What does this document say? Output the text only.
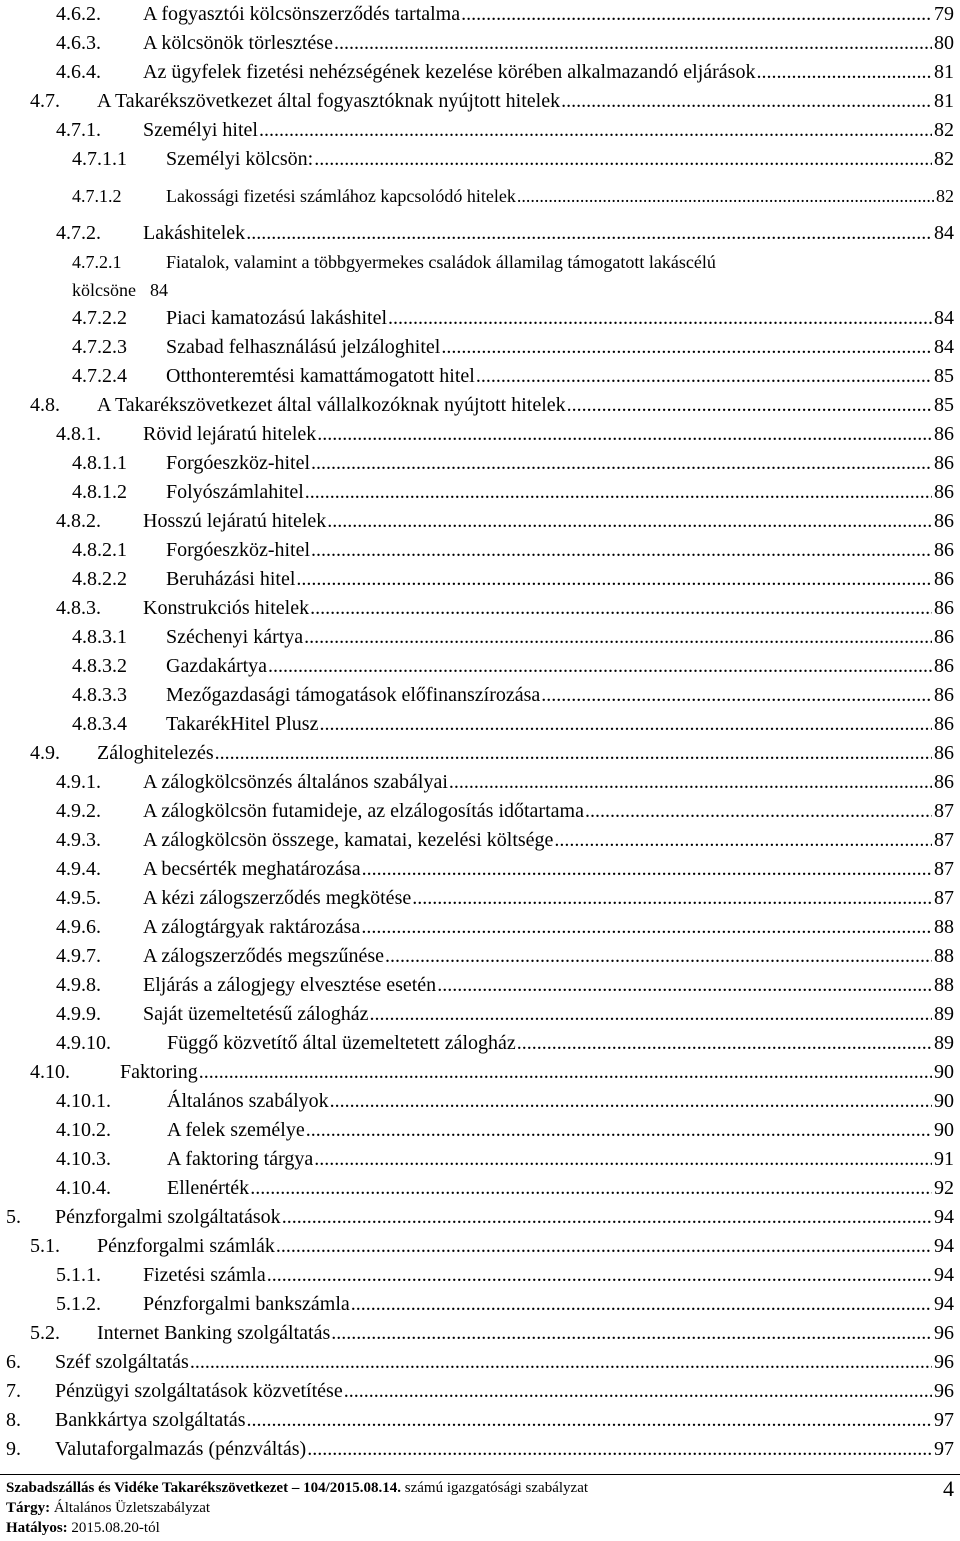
4.6.2. A fogyasztói kölcsönszerződés tartalma .....	79
4.6.3. A kölcsönök törlesztése .....	80
4.6.4. Az ügyfelek fizetési nehézségének kezelése körében alkalmazandó eljárások .....	81
4.7. A Takarékszövetkezet által fogyasztóknak nyújtott hitelek .....	81
4.7.1. Személyi hitel .....	82
4.7.1.1 Személyi kölcsön: .....	82
4.7.1.2 Lakossági fizetési számlához kapcsolódó hitelek .....	82
4.7.2. Lakáshitelek .....	84
4.7.2.1 Fiatalok, valamint a többgyermekes családok államilag támogatott lakáscélú
kölcsöne 84
4.7.2.2 Piaci kamatozású lakáshitel .....	84
4.7.2.3 Szabad felhasználású jelzáloghitel .....	84
4.7.2.4 Otthonteremtési kamattámogatott hitel .....	85
4.8. A Takarékszövetkezet által vállalkozóknak nyújtott hitelek .....	85
4.8.1. Rövid lejáratú hitelek .....	86
4.8.1.1 Forgóeszköz-hitel .....	86
4.8.1.2 Folyószámlahitel .....	86
4.8.2. Hosszú lejáratú hitelek .....	86
4.8.2.1 Forgóeszköz-hitel .....	86
4.8.2.2 Beruházási hitel .....	86
4.8.3. Konstrukciós hitelek .....	86
4.8.3.1 Széchenyi kártya .....	86
4.8.3.2 Gazdakártya .....	86
4.8.3.3 Mezőgazdasági támogatások előfinanszírozása .....	86
4.8.3.4 TakarékHitel Plusz .....	86
4.9. Záloghitelezés .....	86
4.9.1. A zálogkölcsönzés általános szabályai .....	86
4.9.2. A zálogkölcsön futamideje, az elzálogosítás időtartama .....	87
4.9.3. A zálogkölcsön összege, kamatai, kezelési költsége .....	87
4.9.4. A becsérték meghatározása .....	87
4.9.5. A kézi zálogszerződés megkötése .....	87
4.9.6. A zálogtárgyak raktározása .....	88
4.9.7. A zálogszerződés megszűnése .....	88
4.9.8. Eljárás a zálogjegy elvesztése esetén .....	88
4.9.9. Saját üzemeltetésű zálogház .....	89
4.9.10.	Függő közvetítő által üzemeltetett zálogház .....	89
4.10.	Faktoring .....	90
4.10.1.	Általános szabályok .....	90
4.10.2.	A felek személye .....	90
4.10.3.	A faktoring tárgya .....	91
4.10.4.	Ellenérték .....	92
5. Pénzforgalmi szolgáltatások .....	94
5.1. Pénzforgalmi számlák .....	94
5.1.1. Fizetési számla .....	94
5.1.2. Pénzforgalmi bankszámla .....	94
5.2. Internet Banking szolgáltatás .....	96
6. Széf szolgáltatás .....	96
7. Pénzügyi szolgáltatások közvetítése .....	96
8. Bankkártya szolgáltatás .....	97
9. Valutaforgalmazás (pénzváltás) .....	97
Szabadszállás és Vidéke Takarékszövetkezet – 104/2015.08.14. számú igazgatósági szabályzat
Tárgy: Általános Üzletszabályzat
Hatályos: 2015.08.20-tól
4
